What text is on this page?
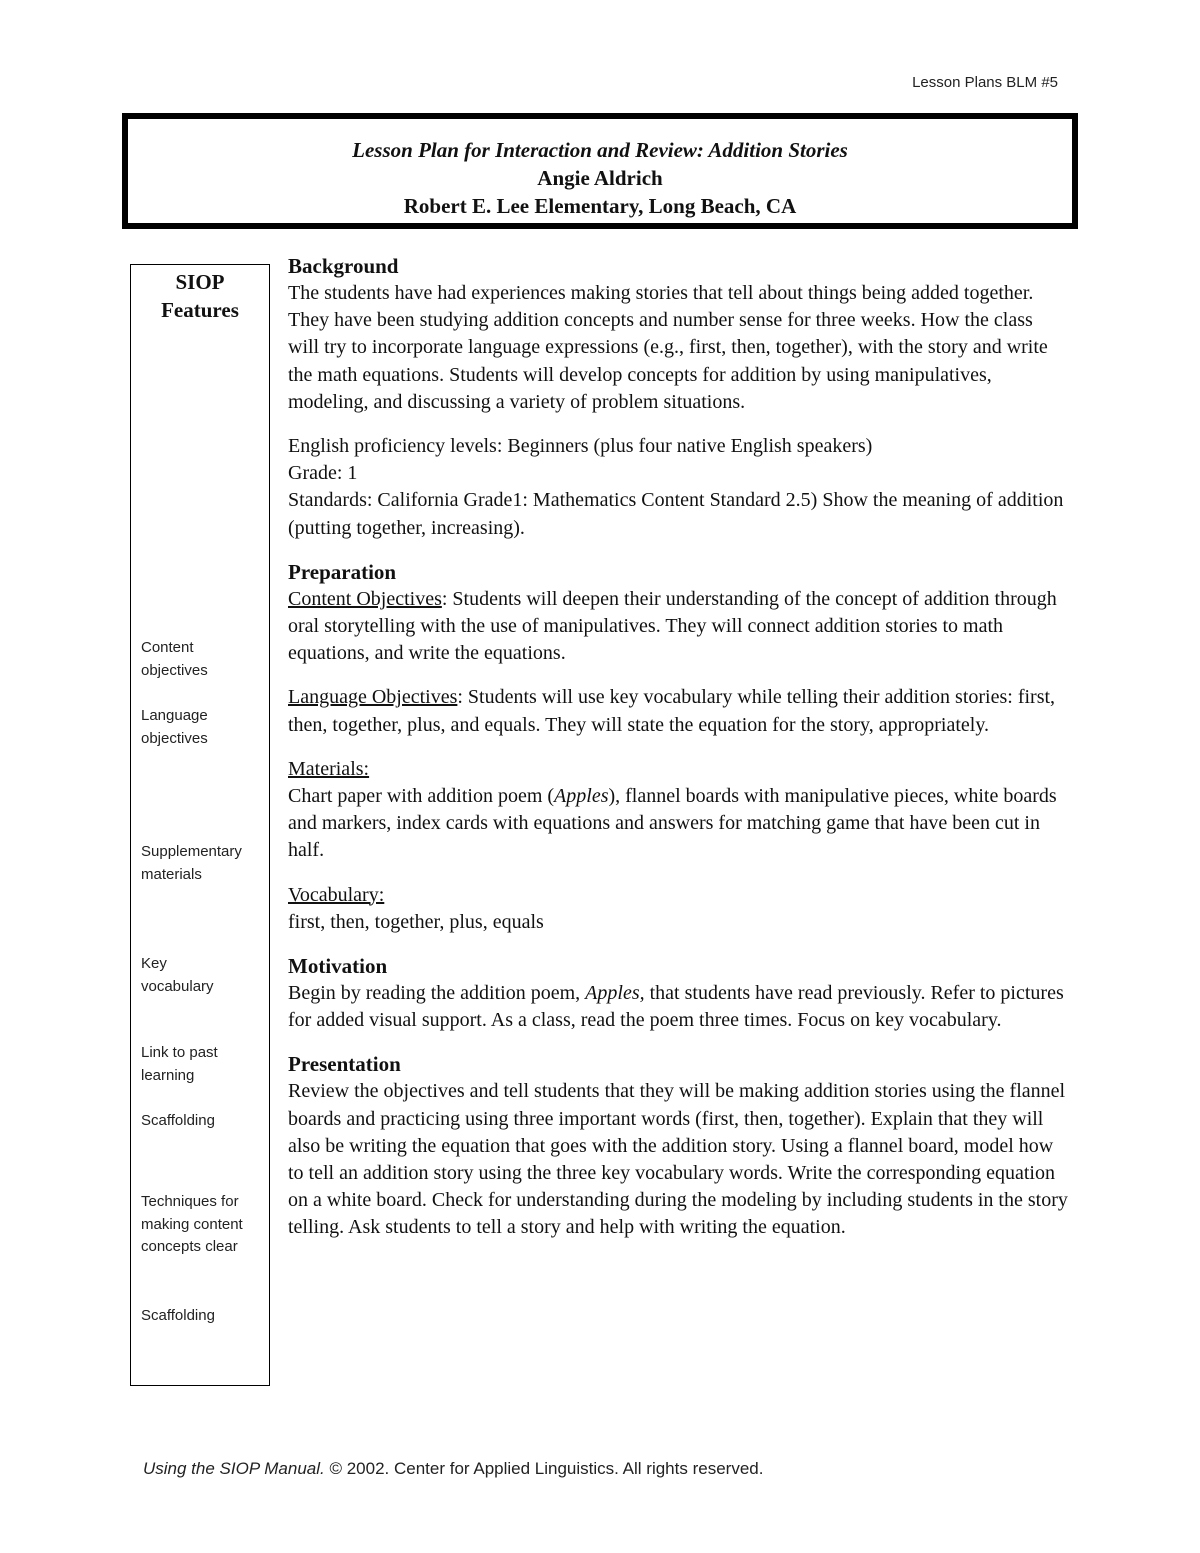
Lesson Plans BLM #5
Lesson Plan for Interaction and Review: Addition Stories
Angie Aldrich
Robert E. Lee Elementary, Long Beach, CA
SIOP
Features
Content objectives
Language objectives
Supplementary materials
Key vocabulary
Link to past learning
Scaffolding
Techniques for making content concepts clear
Scaffolding
Background

The students have had experiences making stories that tell about things being added together. They have been studying addition concepts and number sense for three weeks. How the class will try to incorporate language expressions (e.g., first, then, together), with the story and write the math equations. Students will develop concepts for addition by using manipulatives, modeling, and discussing a variety of problem situations.

English proficiency levels: Beginners (plus four native English speakers)

Grade: 1

Standards: California Grade1: Mathematics Content Standard 2.5) Show the meaning of addition (putting together, increasing).

Preparation

Content Objectives: Students will deepen their understanding of the concept of addition through oral storytelling with the use of manipulatives. They will connect addition stories to math equations, and write the equations.

Language Objectives: Students will use key vocabulary while telling their addition stories: first, then, together, plus, and equals. They will state the equation for the story, appropriately.

Materials:

Chart paper with addition poem (Apples), flannel boards with manipulative pieces, white boards and markers, index cards with equations and answers for matching game that have been cut in half.

Vocabulary:

first, then, together, plus, equals

Motivation

Begin by reading the addition poem, Apples, that students have read previously. Refer to pictures for added visual support. As a class, read the poem three times. Focus on key vocabulary.

Presentation

Review the objectives and tell students that they will be making addition stories using the flannel boards and practicing using three important words (first, then, together). Explain that they will also be writing the equation that goes with the addition story. Using a flannel board, model how to tell an addition story using the three key vocabulary words. Write the corresponding equation on a white board. Check for understanding during the modeling by including students in the story telling. Ask students to tell a story and help with writing the equation.

Using the SIOP Manual. © 2002. Center for Applied Linguistics. All rights reserved.
